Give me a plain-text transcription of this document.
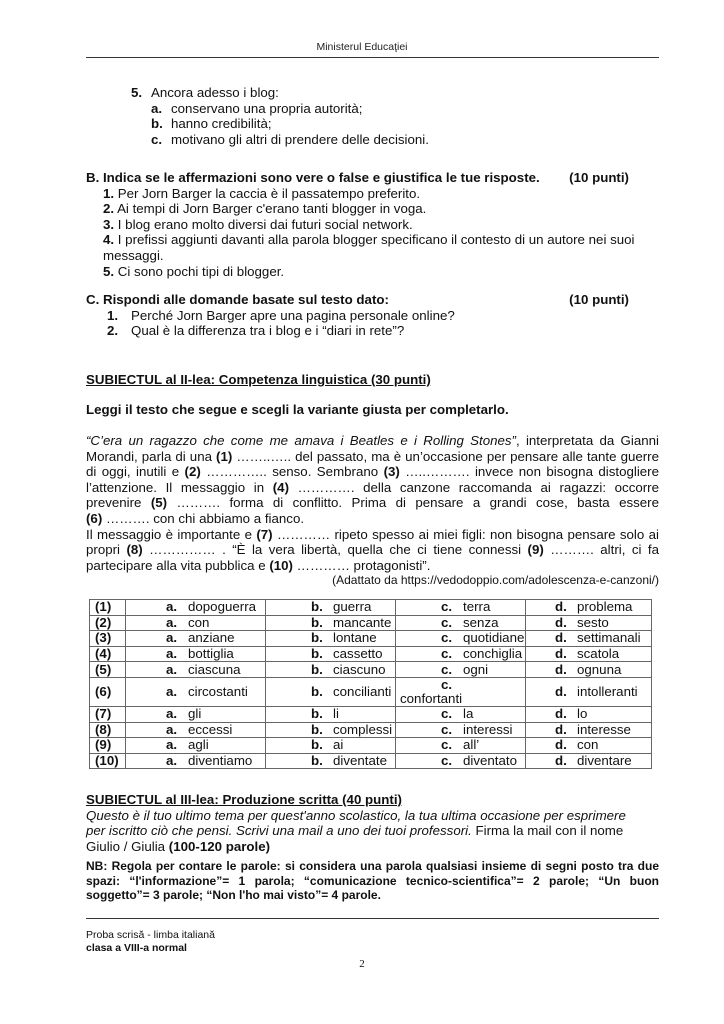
Ministerul Educaţiei
5. Ancora adesso i blog:
a. conservano una propria autorità;
b. hanno credibilità;
c. motivano gli altri di prendere delle decisioni.
B. Indica se le affermazioni sono vere o false e giustifica le tue risposte. (10 punti)
1. Per Jorn Barger la caccia è il passatempo preferito.
2. Ai tempi di Jorn Barger c'erano tanti blogger in voga.
3. I blog erano molto diversi dai futuri social network.
4. I prefissi aggiunti davanti alla parola blogger specificano il contesto di un autore nei suoi
messaggi.
5. Ci sono pochi tipi di blogger.
C. Rispondi alle domande basate sul testo dato:	(10 punti)
1. Perché Jorn Barger apre una pagina personale online?
2. Qual è la differenza tra i blog e i “diari in rete”?
SUBIECTUL al II-lea: Competenza linguistica (30 punti)
Leggi il testo che segue e scegli la variante giusta per completarlo.
“C’era un ragazzo che come me amava i Beatles e i Rolling Stones”, interpretata da Gianni
Morandi, parla di una (1) ……..….. del passato, ma è un’occasione per pensare alle tante guerre
di oggi, inutili e (2) ………….. senso. Sembrano (3) …..………. invece non bisogna distogliere
l’attenzione. Il messaggio in (4) …………. della canzone raccomanda ai ragazzi: occorre
prevenire (5) ………. forma di conflitto. Prima di pensare a grandi cose, basta essere
(6) ………. con chi abbiamo a fianco.
Il messaggio è importante e (7) ………… ripeto spesso ai miei figli: non bisogna pensare solo ai
propri (8) …………… . “È la vera libertà, quella che ci tiene connessi (9) ………. altri, ci fa
partecipare alla vita pubblica e (10) ………… protagonisti”.
(Adattato da https://vedodoppio.com/adolescenza-e-canzoni/)
(1)	a. dopoguerra	b. guerra	c. terra	d. problema
(2)	a. con	b. mancante	c. senza	d. sesto
(3)	a. anziane	b. lontane	c. quotidiane	d. settimanali
(4)	a. bottiglia	b. cassetto	c. conchiglia	d. scatola
(5)	a. ciascuna	b. ciascuno	c. ogni	d. ognuna
(6)	a. circostanti	b. concilianti	c.confortanti	d. intolleranti
(7)	a. gli	b. li	c. la	d. lo
(8)	a. eccessi	b. complessi	c. interessi	d. interesse
(9)	a. agli	b. ai	c. all’	d. con
(10)	a. diventiamo	b. diventate	c. diventato	d. diventare
SUBIECTUL al III-lea: Produzione scritta (40 punti)
Questo è il tuo ultimo tema per quest'anno scolastico, la tua ultima occasione per esprimere
per iscritto ciò che pensi. Scrivi una mail a uno dei tuoi professori. Firma la mail con il nome
Giulio / Giulia (100-120 parole)
NB: Regola per contare le parole: si considera una parola qualsiasi insieme di segni posto tra due
spazi: “l'informazione”= 1 parola; “comunicazione tecnico-scientifica”= 2 parole; “Un buon
soggetto”= 3 parole; “Non l'ho mai visto”= 4 parole.
Proba scrisă - limba italiană
clasa a VIII-a normal
2
